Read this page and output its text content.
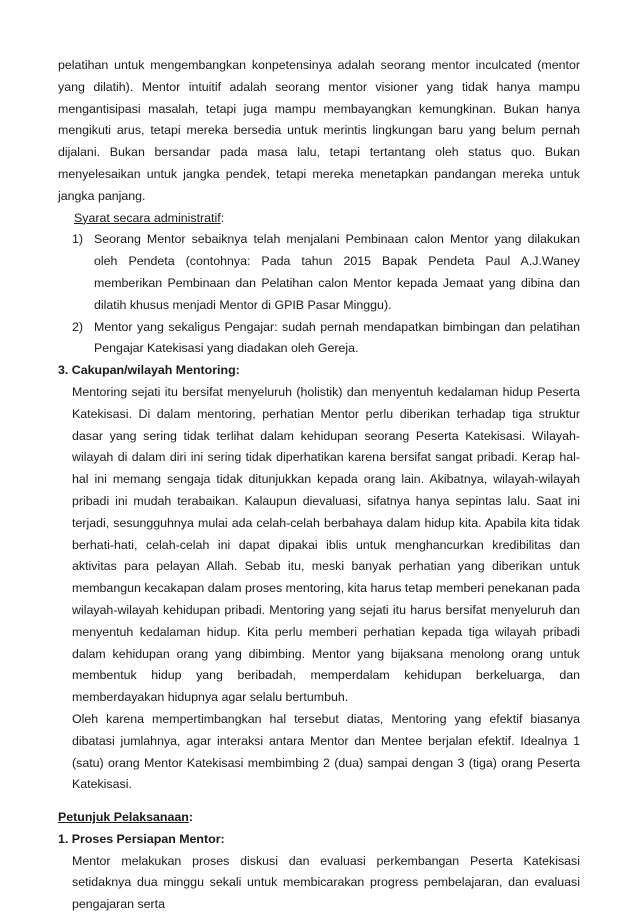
pelatihan untuk mengembangkan konpetensinya adalah seorang mentor inculcated (mentor yang dilatih). Mentor intuitif adalah seorang mentor visioner yang tidak hanya mampu mengantisipasi masalah, tetapi juga mampu membayangkan kemungkinan. Bukan hanya mengikuti arus, tetapi mereka bersedia untuk merintis lingkungan baru yang belum pernah dijalani. Bukan bersandar pada masa lalu, tetapi tertantang oleh status quo. Bukan menyelesaikan untuk jangka pendek, tetapi mereka menetapkan pandangan mereka untuk jangka panjang.

Syarat secara administratif:

1) Seorang Mentor sebaiknya telah menjalani Pembinaan calon Mentor yang dilakukan oleh Pendeta (contohnya: Pada tahun 2015 Bapak Pendeta Paul A.J.Waney memberikan Pembinaan dan Pelatihan calon Mentor kepada Jemaat yang dibina dan dilatih khusus menjadi Mentor di GPIB Pasar Minggu).

2) Mentor yang sekaligus Pengajar: sudah pernah mendapatkan bimbingan dan pelatihan Pengajar Katekisasi yang diadakan oleh Gereja.

3. Cakupan/wilayah Mentoring:

Mentoring sejati itu bersifat menyeluruh (holistik) dan menyentuh kedalaman hidup Peserta Katekisasi. Di dalam mentoring, perhatian Mentor perlu diberikan terhadap tiga struktur dasar yang sering tidak terlihat dalam kehidupan seorang Peserta Katekisasi. Wilayah-wilayah di dalam diri ini sering tidak diperhatikan karena bersifat sangat pribadi. Kerap hal-hal ini memang sengaja tidak ditunjukkan kepada orang lain. Akibatnya, wilayah-wilayah pribadi ini mudah terabaikan. Kalaupun dievaluasi, sifatnya hanya sepintas lalu. Saat ini terjadi, sesungguhnya mulai ada celah-celah berbahaya dalam hidup kita. Apabila kita tidak berhati-hati, celah-celah ini dapat dipakai iblis untuk menghancurkan kredibilitas dan aktivitas para pelayan Allah. Sebab itu, meski banyak perhatian yang diberikan untuk membangun kecakapan dalam proses mentoring, kita harus tetap memberi penekanan pada wilayah-wilayah kehidupan pribadi. Mentoring yang sejati itu harus bersifat menyeluruh dan menyentuh kedalaman hidup. Kita perlu memberi perhatian kepada tiga wilayah pribadi dalam kehidupan orang yang dibimbing. Mentor yang bijaksana menolong orang untuk membentuk hidup yang beribadah, memperdalam kehidupan berkeluarga, dan memberdayakan hidupnya agar selalu bertumbuh.

Oleh karena mempertimbangkan hal tersebut diatas, Mentoring yang efektif biasanya dibatasi jumlahnya, agar interaksi antara Mentor dan Mentee berjalan efektif. Idealnya 1 (satu) orang Mentor Katekisasi membimbing 2 (dua) sampai dengan 3 (tiga) orang Peserta Katekisasi.

Petunjuk Pelaksanaan:

1. Proses Persiapan Mentor:

Mentor melakukan proses diskusi dan evaluasi perkembangan Peserta Katekisasi setidaknya dua minggu sekali untuk membicarakan progress pembelajaran, dan evaluasi pengajaran serta
